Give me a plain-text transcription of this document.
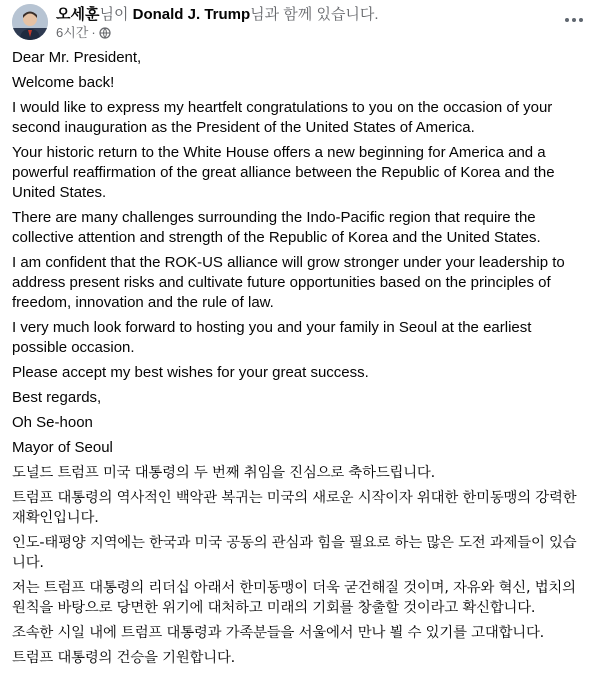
오세훈님이 Donald J. Trump님과 함께 있습니다.
6시간 ·

Dear Mr. President,

Welcome back!

I would like to express my heartfelt congratulations to you on the occasion of your second inauguration as the President of the United States of America.

Your historic return to the White House offers a new beginning for America and a powerful reaffirmation of the great alliance between the Republic of Korea and the United States.

There are many challenges surrounding the Indo-Pacific region that require the collective attention and strength of the Republic of Korea and the United States.

I am confident that the ROK-US alliance will grow stronger under your leadership to address present risks and cultivate future opportunities based on the principles of freedom, innovation and the rule of law.

I very much look forward to hosting you and your family in Seoul at the earliest possible occasion.

Please accept my best wishes for your great success.

Best regards,

Oh Se-hoon

Mayor of Seoul

도널드 트럼프 미국 대통령의 두 번째 취임을 진심으로 축하드립니다.

트럼프 대통령의 역사적인 백악관 복귀는 미국의 새로운 시작이자 위대한 한미동맹의 강력한 재확인입니다.

인도-태평양 지역에는 한국과 미국 공동의 관심과 힘을 필요로 하는 많은 도전 과제들이 있습니다.

저는 트럼프 대통령의 리더십 아래서 한미동맹이 더욱 굳건해질 것이며, 자유와 혁신, 법치의 원칙을 바탕으로 당면한 위기에 대처하고 미래의 기회를 창출할 것이라고 확신합니다.

조속한 시일 내에 트럼프 대통령과 가족분들을 서울에서 만나 뵐 수 있기를 고대합니다.

트럼프 대통령의 건승을 기원합니다.
